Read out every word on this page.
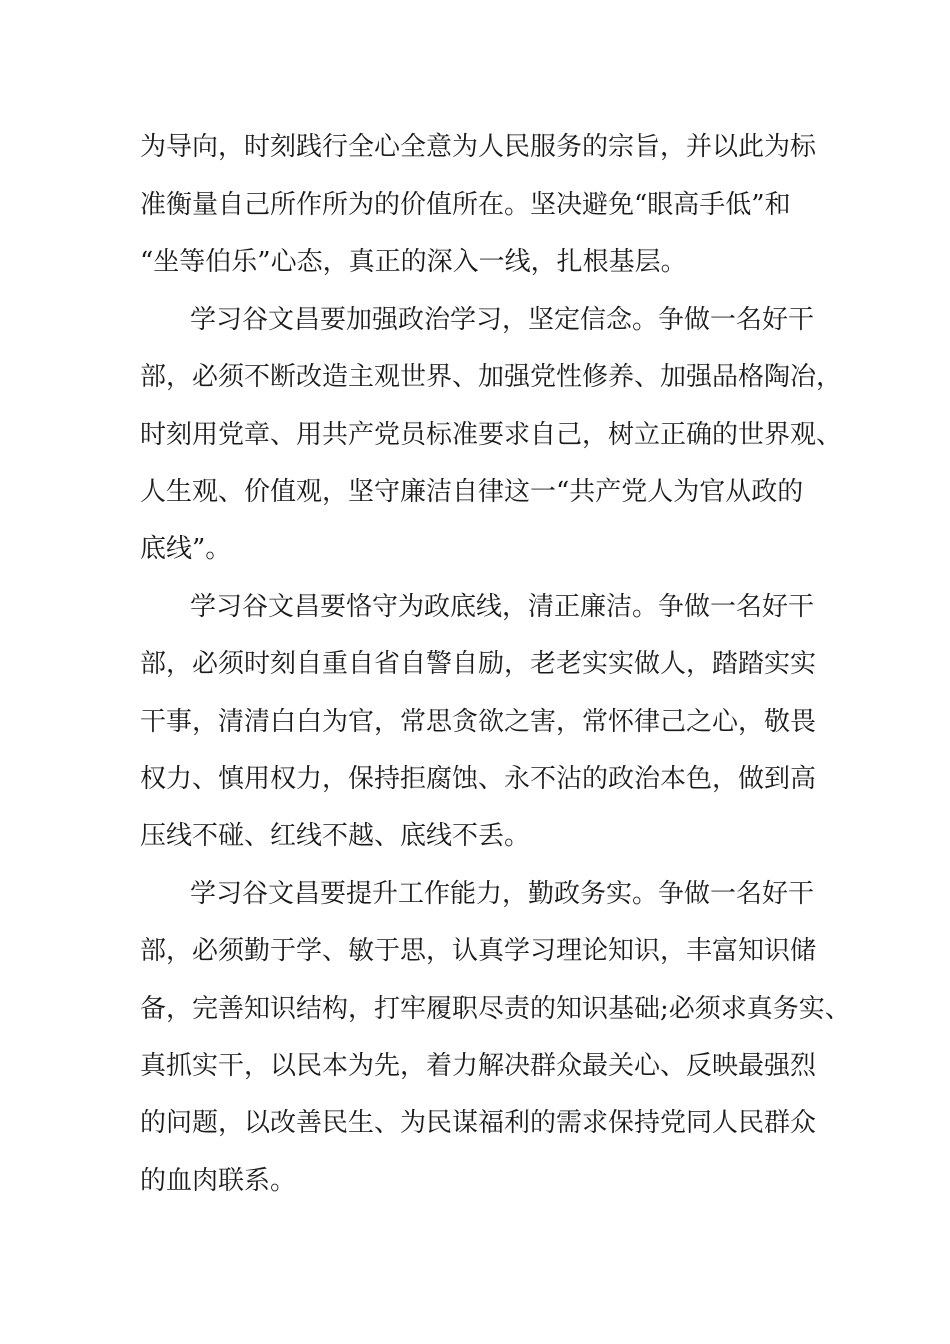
为导向，时刻践行全心全意为人民服务的宗旨，并以此为标
准衡量自己所作所为的价值所在。坚决避免“眼高手低”和
“坐等伯乐”心态，真正的深入一线，扎根基层。
学习谷文昌要加强政治学习，坚定信念。争做一名好干
部，必须不断改造主观世界、加强党性修养、加强品格陶冶，
时刻用党章、用共产党员标准要求自己，树立正确的世界观、
人生观、价值观，坚守廉洁自律这一“共产党人为官从政的
底线”。
学习谷文昌要恪守为政底线，清正廉洁。争做一名好干
部，必须时刻自重自省自警自励，老老实实做人，踏踏实实
干事，清清白白为官，常思贪欲之害，常怀律己之心，敬畏
权力、慎用权力，保持拒腐蚀、永不沾的政治本色，做到高
压线不碰、红线不越、底线不丢。
学习谷文昌要提升工作能力，勤政务实。争做一名好干
部，必须勤于学、敏于思，认真学习理论知识，丰富知识储
备，完善知识结构，打牢履职尽责的知识基础;必须求真务实、
真抓实干，以民本为先，着力解决群众最关心、反映最强烈
的问题，以改善民生、为民谋福利的需求保持党同人民群众
的血肉联系。
